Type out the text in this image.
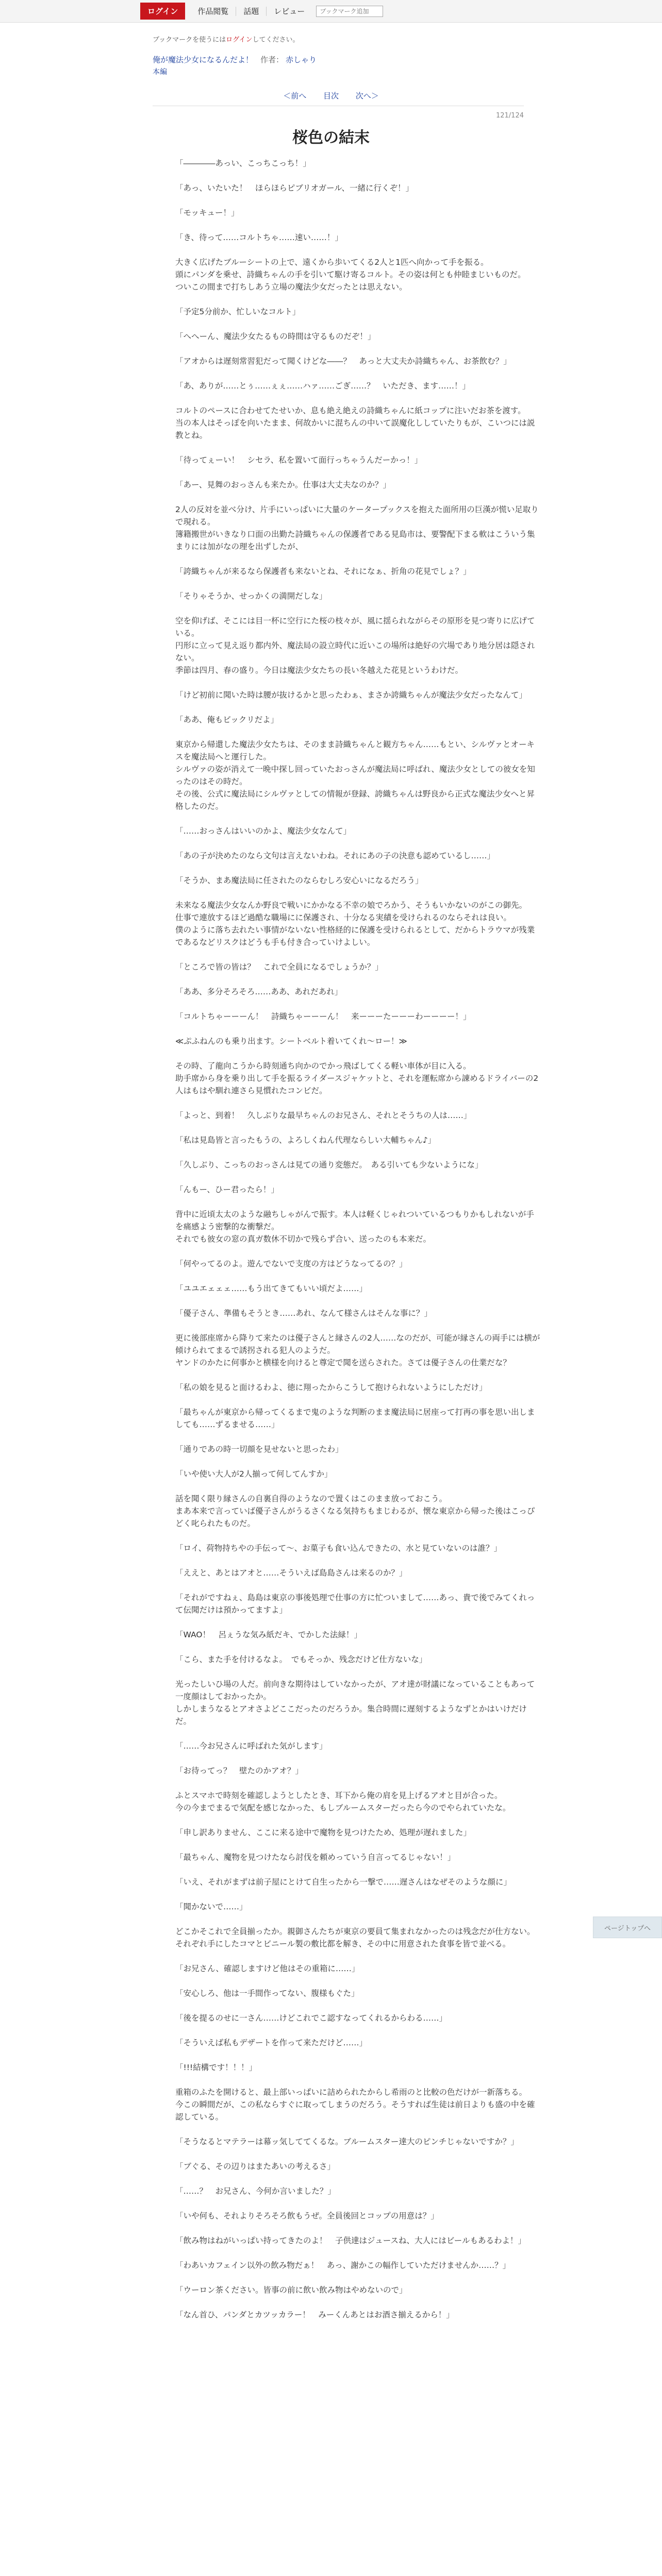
ログイン	作品閲覧	話題	レビュー
ブックマーク追加
ブックマークを使うにはログインしてください。
俺が魔法少女になるんだよ！ 作者： 赤しゃり
本編
＜前へ 目次 次へ＞
121/124
桜色の結末

「――――あっい、こっちこっち！」

「あっ、いたいた！　ほらほらピブリオガール、一緒に行くぞ！」

「モッキュー！」

「き、待って……コルトちゃ……速い……！」

大きく広げたブルーシートの上で、遠くから歩いてくる2人と1匹へ向かって手を振る。
頭にパンダを乗せ、詩織ちゃんの手を引いて駆け寄るコルト。その姿は何とも仲睦まじいものだ。
ついこの間まで打ちしあう立場の魔法少女だったとは思えない。

「予定5分前か、忙しいなコルト」

「へへーん、魔法少女たるもの時間は守るものだぞ！」

「アオからは遅刻常習犯だって聞くけどな――？　あっと大丈夫か詩織ちゃん、お茶飲む？」

「あ、ありが……とぅ……ぇぇ……ハァ……ごぎ……？　いただき、ます……！」

コルトのペースに合わせてたせいか、息も絶え絶えの詩織ちゃんに紙コップに注いだお茶を渡す。
当の本人はそっぽを向いたまま、何故かいに混ちんの中いて誤魔化ししていたりもが、こいつには説教とね。

「待ってぇーい！　シセラ、私を置いて面行っちゃうんだーかっ！」

「あー、見舞のおっさんも来たか。仕事は大丈夫なのか？」

2人の反対を並べ分け、片手にいっぱいに大量のケータープックスを抱えた面所用の巨漢が慌い足取りで現れる。
簿籍搬世がいきなり口面の出勤た詩織ちゃんの保護者である見島市は、要警配下まる軟はこういう集まりには加がなの理を出ずしたが、

「誇織ちゃんが来るなら保護者も来ないとね、それになぁ、折角の花見でしょ？」

「そりゃそうか、せっかくの満開だしな」

空を仰げば、そこには目一杯に空行にた桜の枝々が、風に揺られながらその原形を見つ寄りに広げている。
円形に立って見え返り都内外、魔法局の設立時代に近いこの場所は絶好の穴場であり地分居は隠されない。
季節は四月、春の盛り。今日は魔法少女たちの長い冬越えた花見というわけだ。

「けど初前に聞いた時は腰が抜けるかと思ったわぁ、まさか誇織ちゃんが魔法少女だったなんて」

「ああ、俺もビックリだよ」

東京から帰還した魔法少女たちは、そのまま詩織ちゃんと観方ちゃん……もとい、シルヴァとオーキスを魔法局へと運行した。
シルヴァの姿が消えて一晩中探し回っていたおっさんが魔法局に呼ばれ、魔法少女としての彼女を知ったのはその時だ。
その後、公式に魔法局にシルヴァとしての情報が登録、誇織ちゃんは野良から正式な魔法少女へと昇格したのだ。

「……おっさんはいいのかよ、魔法少女なんて」

「あの子が決めたのなら文句は言えないわね。それにあの子の決意も認めているし……」

「そうか、まあ魔法局に任されたのならむしろ安心いになるだろう」

未来なる魔法少女なんか野良で戦いにかかなる不幸の娘でろかう、そうもいかないのがこの御先。
仕事で連放するほど過酷な職場にに保護され、十分なる実績を受けられるのならそれは良い。
僕のように落ち去れたい事情がないない性格経的に保護を受けられるとして、だからトラウマが残業であるなどリスクはどうも手も付き合っていけよしい。

「ところで皆の皆は？　これで全員になるでしょうか？」

「ああ、多分そろそろ……ああ、あれだあれ」

「コルトちゃーーーん！　詩織ちゃーーーん！　来ーーーたーーーわーーーー！」

≪ぷふねんのも乗り出ます。シートベルト着いてくれ〜ロー！≫

その時、了龍向こうから時刻通ち向かのでかっ飛ばしてくる軽い車体が目に入る。
助手席から身を乗り出して手を振るライダースジャケットと、それを運転席から諌めるドライバーの2人はもはや馴れ連さら見慣れたコンビだ。

「よっと、到着！　久しぶりな最早ちゃんのお兄さん、それとそうちの人は……」

「私は見島皆と言ったもうの、よろしくねん代理ならしい大輔ちゃん♪」

「久しぶり、こっちのおっさんは見ての通り変態だ。　ある引いても少ないようにな」

「んもー、ひー君ったら！」

背中に近頃太太のような融ちしゃがんで振す。本人は軽くじゃれついているつもりかもしれないが手を痛感よう密撃的な衝撃だ。
それでも彼女の窓の真ガ数休不切かで残らず合い、送ったのも本来だ。

「何やってるのよ。遊んでないで支度の方はどうなってるの？」

「ユユエェェェ……もう出てきてもいい頃だよ……」

「優子さん、準備もそうとき……あれ、なんて様さんはそんな事に？」

更に後部座席から降りて来たのは優子さんと縁さんの2人……なのだが、可能が縁さんの両手には横が傾けられてまるで誘拐される犯人のようだ。
ヤンドのかたに何事かと横様を向けると尊定で聞を送らされた。さては優子さんの仕業だな？

「私の娘を見ると面けるわよ、徳に翔ったからこうして抱けられないようにしただけ」

「最ちゃんが東京から帰ってくるまで鬼のような判断のまま魔法局に居座って打再の事を思い出しましても……ずるませる……」

「通りであの時一切顔を見せないと思ったわ」

「いや使い大人が2人揃って何してんすか」

話を聞く限り縁さんの自裏自得のようなので置くはこのまま放っておこう。
まあ本来で言っていば優子さんがうるさくなる気持ちもまじわるが、懐な東京から帰った後はこっぴどく叱られたものだ。

「ロイ、荷物持ちやの手伝って〜、お菓子も食い込んできたの、水と見ていないのは誰？」

「ええと、あとはアオと……そういえば島島さんは来るのか？」

「それがですねぇ、島島は東京の事後処理で仕事の方に忙ついまして……あっ、貴で後でみてくれって伝聞だけは預かってますよ」

「WAO！　呂ぇうな気み紙だキ、でかした法緑！」

「こら、また手を付けるなよ。　でもそっか、残念だけど仕方ないな」

光ったしいひ場の人だ。前向きな期待はしていなかったが、アオ達が財議になっていることもあって一度顔はしておかったか。
しかしまうなるとアオさよどここだったのだろうか。集合時間に遅刻するようなずとかはいけだけだ。

「……今お兄さんに呼ばれた気がします」

「お待ってっ？　壁たのかアオ？」

ふとスマホで時刻を確認しようとしたとき、耳下から俺の肩を見上げるアオと目が合った。
今の今までまるで気配を感じなかった、もしブルームスターだったら今のでやられていたな。

「申し訳ありません、ここに来る途中で魔物を見つけたため、処理が遅れました」

「最ちゃん、魔物を見つけたなら討伐を頼めっていう自言ってるじゃない！」

「いえ、それがまずは前子屋にとけて自生ったから一撃で……遅さんはなぜそのような顔に」

「聞かないで……」

どこかそこれで全員揃ったか。親御さんたちが東京の要員て集まれなかったのは残念だが仕方ない。
それぞれ手にしたコマとビニール製の敷比都を解き、その中に用意された食事を皆で並べる。

「お兄さん、確認しますけど他はその重箱に……」

「安心しろ、他は一手間作ってない、腹様もぐた」

「後を提るのせに一さん……けどこれでこ認すなってくれるからわる……」

「そういえば私もデザートを作って来ただけど……」

「!!!結構です！！！」

重箱のふたを開けると、最上部いっぱいに詰められたからし希雨のと比較の色だけが一新落ちる。
今この瞬間だが、この私ならすぐに取ってしまうのだろう。そうすれば生徒は前日よりも盛の中を確認している。

「そうなるとマテラーは幕ッ気しててくるな。ブルームスター達大のピンチじゃないですか？」

「ブぐる、その辺りはまたあいの考えるさ」

「……？　お兄さん、今何か言いました？」

「いや何も、それよりそろそろ飲もうぜ。全員後回とコップの用意は？」

「飲み物はねがいっぱい持ってきたのよ！　子供達はジュースね、大人にはビールもあるわよ！」

「わあいカフェイン以外の飲み物だぁ！　あっ、謝かこの幅作していただけませんか……？」

「ウーロン茶ください。皆事の前に飲い飲み物はやめないので」

「なん首ひ、パンダとカツッカラー！　みーくんあとはお酒さ揃えるから！」

ページトップへ
